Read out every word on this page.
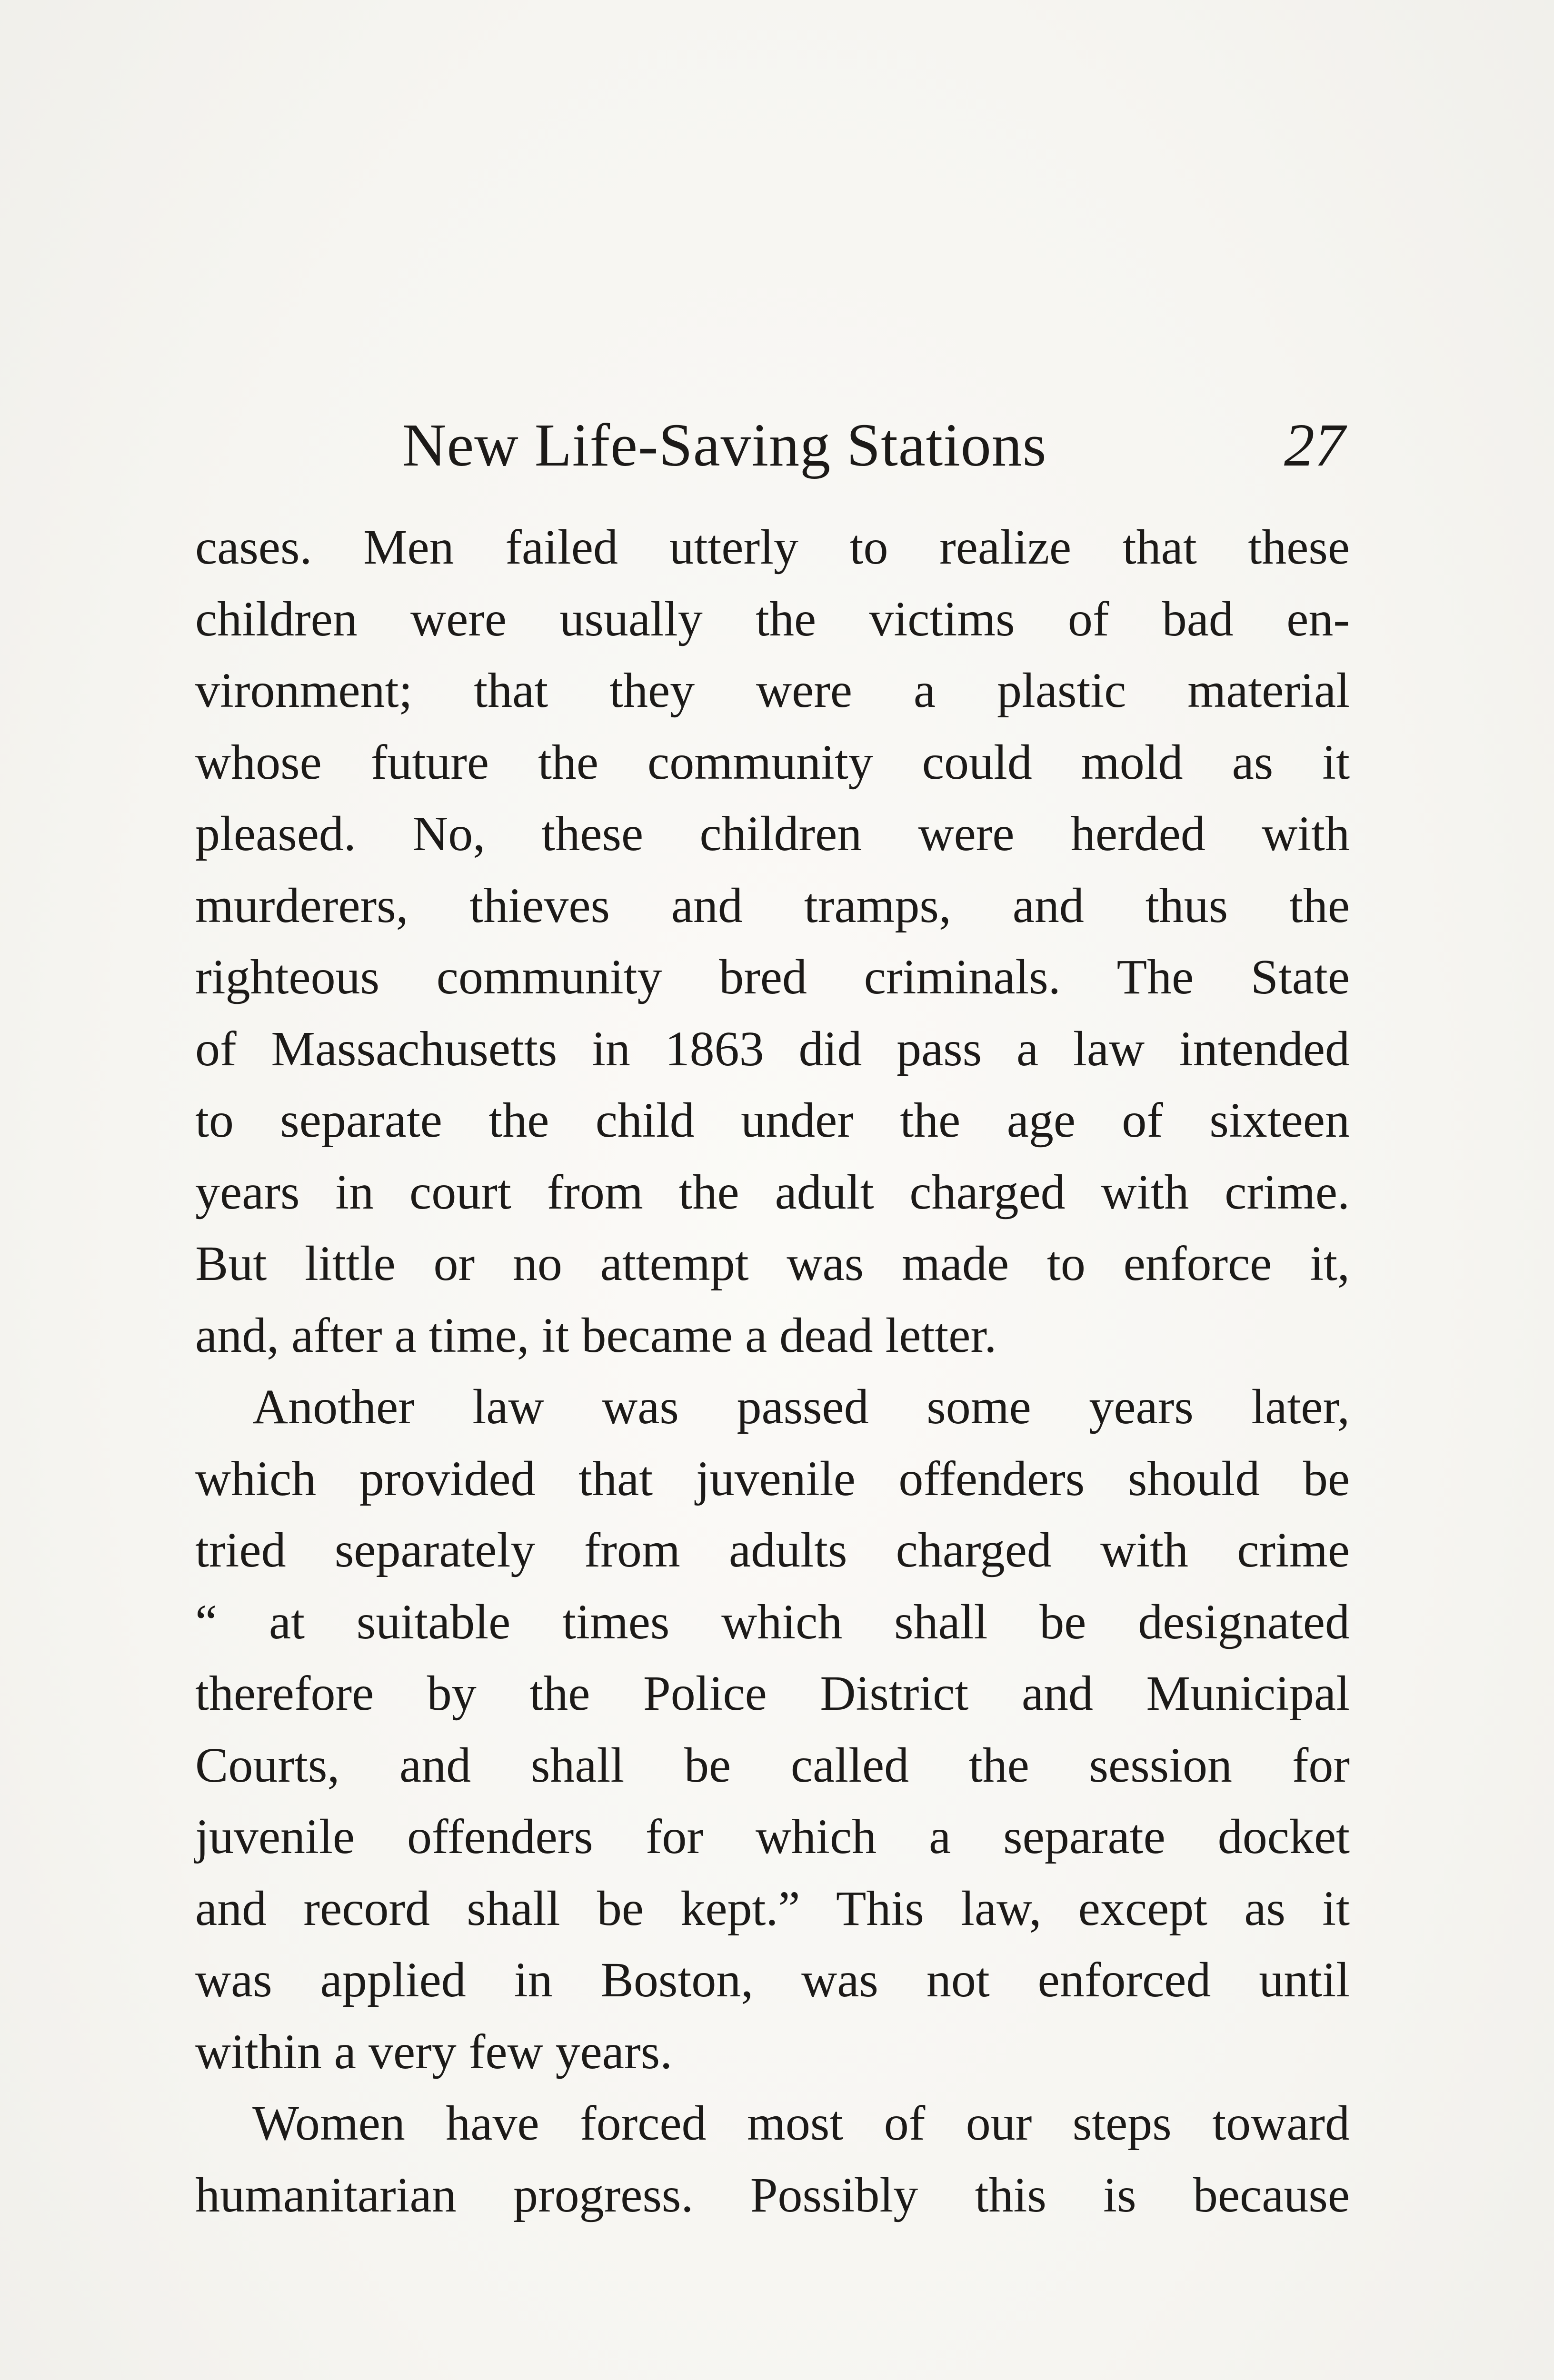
New Life-Saving Stations	27
cases. Men failed utterly to realize that these
children were usually the victims of bad en-
vironment; that they were a plastic material
whose future the community could mold as it
pleased. No, these children were herded with
murderers, thieves and tramps, and thus the
righteous community bred criminals. The State
of Massachusetts in 1863 did pass a law intended
to separate the child under the age of sixteen
years in court from the adult charged with crime.
But little or no attempt was made to enforce it,
and, after a time, it became a dead letter.
Another law was passed some years later,
which provided that juvenile offenders should be
tried separately from adults charged with crime
“ at suitable times which shall be designated
therefore by the Police District and Municipal
Courts, and shall be called the session for
juvenile offenders for which a separate docket
and record shall be kept.” This law, except as it
was applied in Boston, was not enforced until
within a very few years.
Women have forced most of our steps toward
humanitarian progress. Possibly this is because
